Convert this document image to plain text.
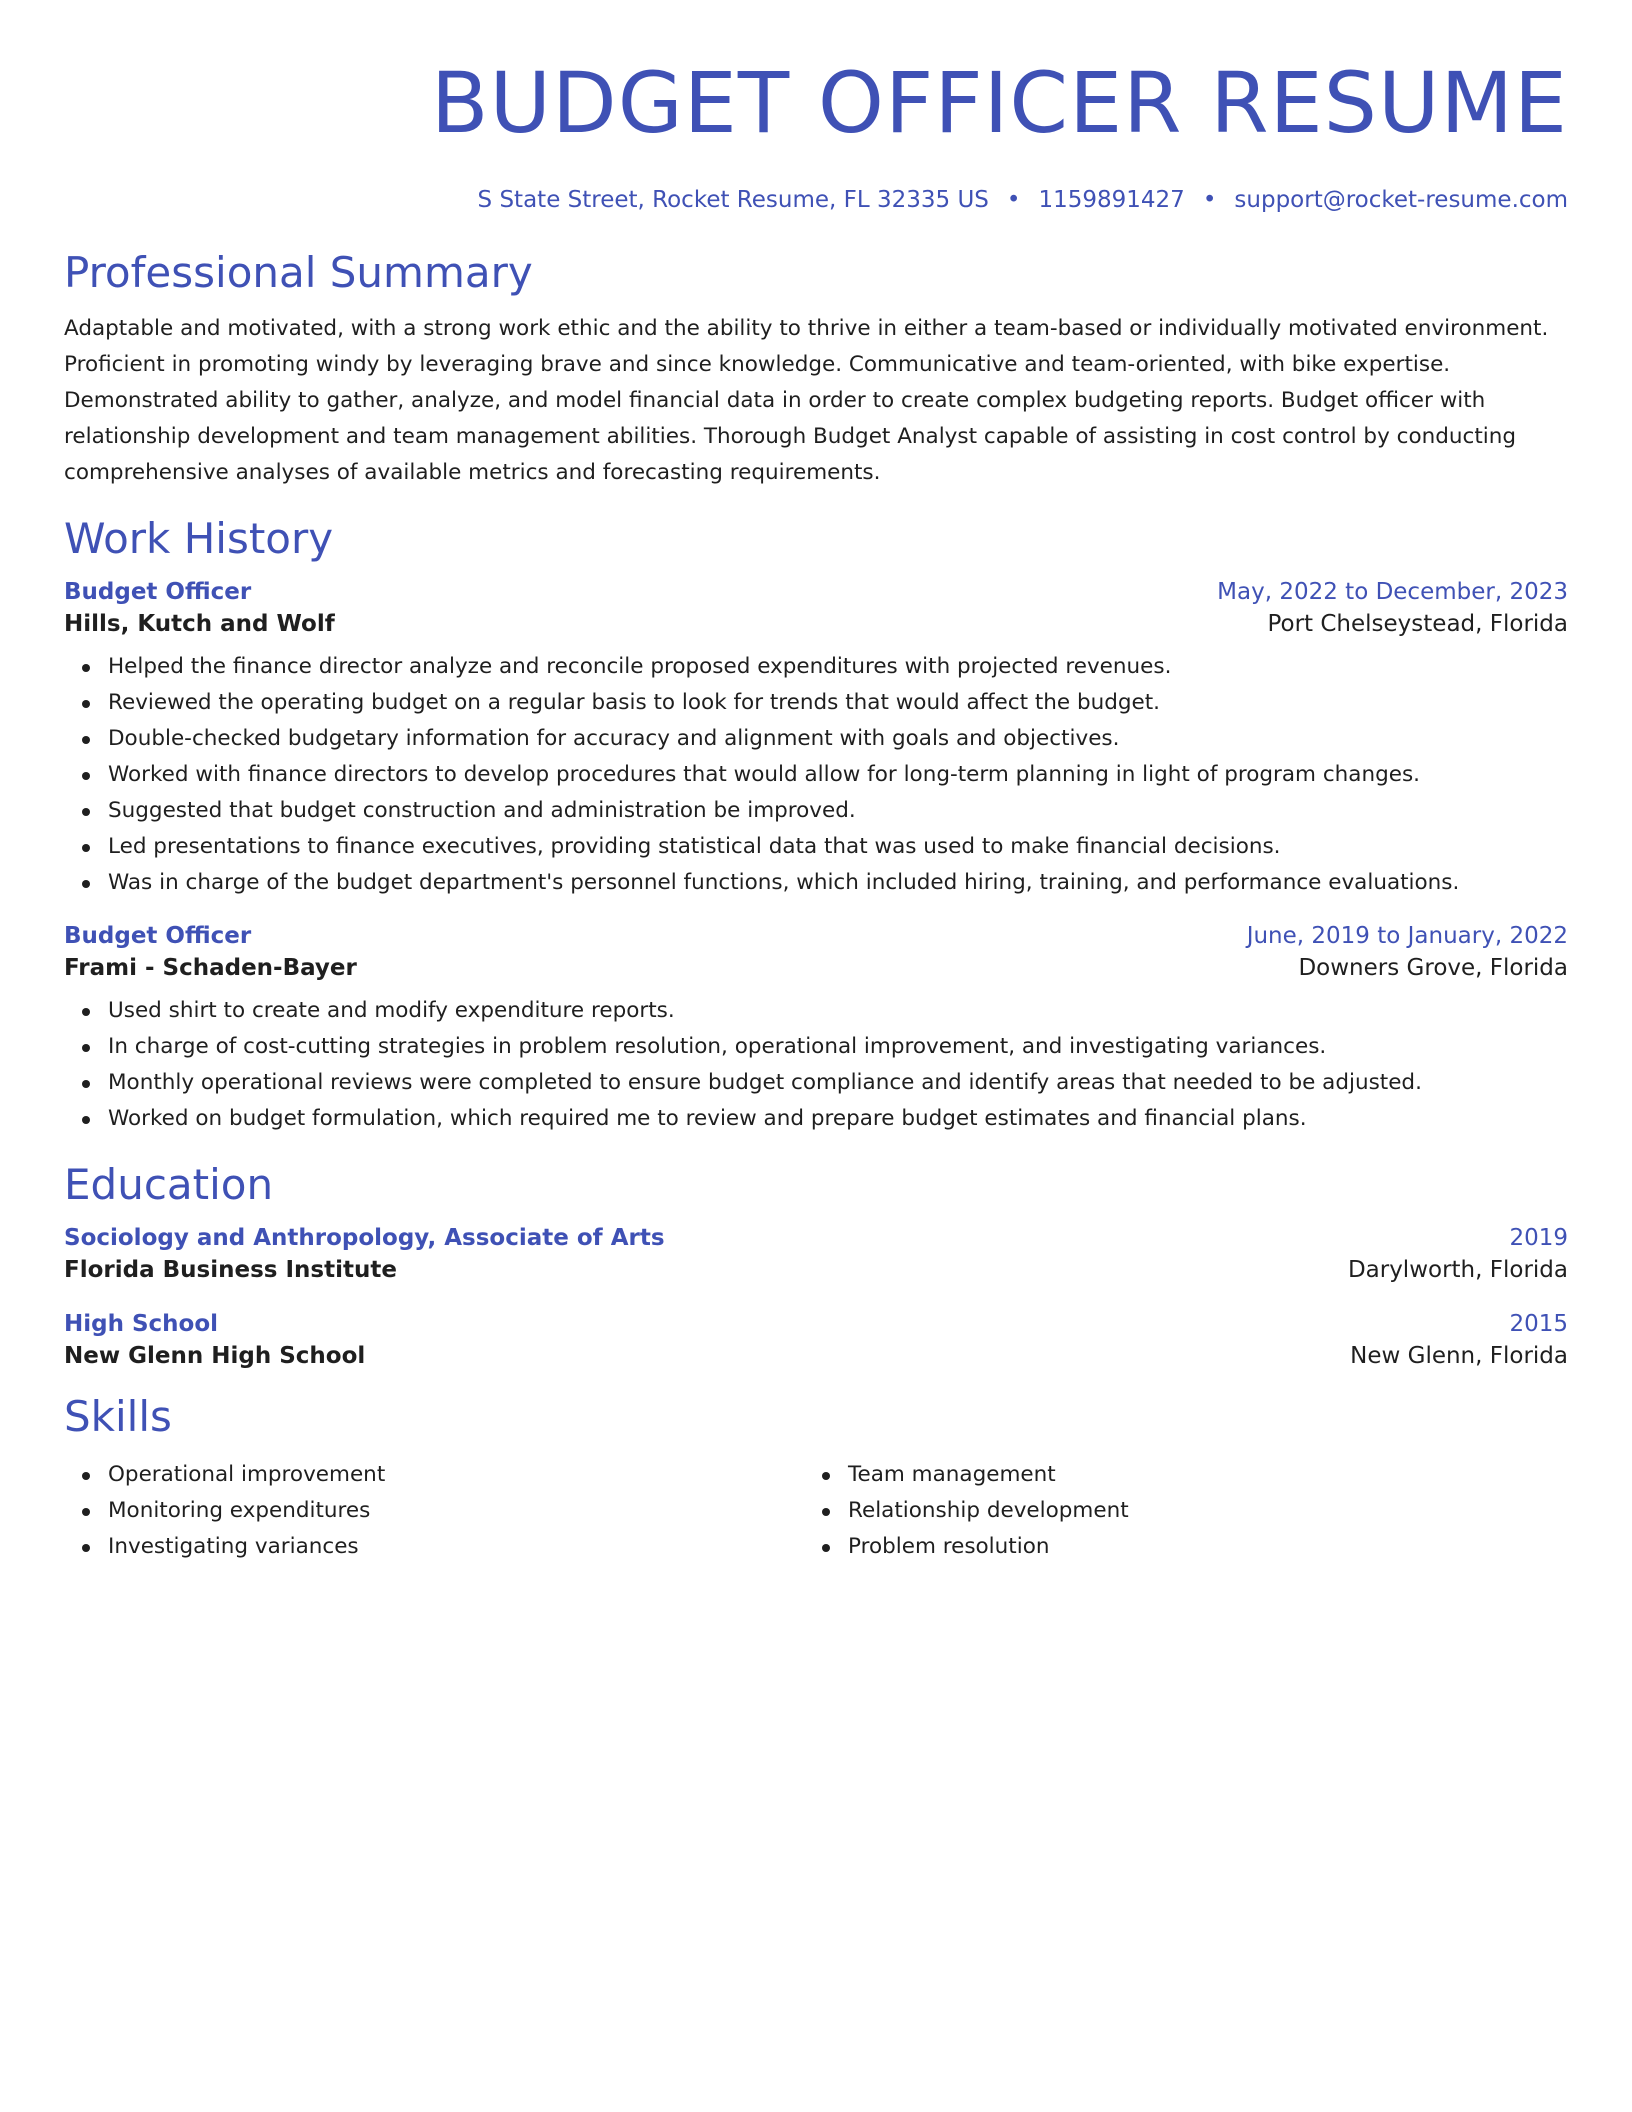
BUDGET OFFICER RESUME
S State Street, Rocket Resume, FL 32335 US • 1159891427 • support@rocket-resume.com
Professional Summary

Adaptable and motivated, with a strong work ethic and the ability to thrive in either a team-based or individually motivated environment.
Proficient in promoting windy by leveraging brave and since knowledge. Communicative and team-oriented, with bike expertise.
Demonstrated ability to gather, analyze, and model financial data in order to create complex budgeting reports. Budget officer with
relationship development and team management abilities. Thorough Budget Analyst capable of assisting in cost control by conducting
comprehensive analyses of available metrics and forecasting requirements.

Work History
Budget Officer	May, 2022 to December, 2023
Hills, Kutch and Wolf	Port Chelseystead, Florida
Helped the finance director analyze and reconcile proposed expenditures with projected revenues.
Reviewed the operating budget on a regular basis to look for trends that would affect the budget.
Double-checked budgetary information for accuracy and alignment with goals and objectives.
Worked with finance directors to develop procedures that would allow for long-term planning in light of program changes.
Suggested that budget construction and administration be improved.
Led presentations to finance executives, providing statistical data that was used to make financial decisions.
Was in charge of the budget department's personnel functions, which included hiring, training, and performance evaluations.
Budget Officer	June, 2019 to January, 2022
Frami - Schaden-Bayer	Downers Grove, Florida
Used shirt to create and modify expenditure reports.
In charge of cost-cutting strategies in problem resolution, operational improvement, and investigating variances.
Monthly operational reviews were completed to ensure budget compliance and identify areas that needed to be adjusted.
Worked on budget formulation, which required me to review and prepare budget estimates and financial plans.
Education
Sociology and Anthropology, Associate of Arts	2019
Florida Business Institute	Darylworth, Florida
High School	2015
New Glenn High School	New Glenn, Florida
Skills
Operational improvement
Monitoring expenditures
Investigating variances
Team management
Relationship development
Problem resolution
